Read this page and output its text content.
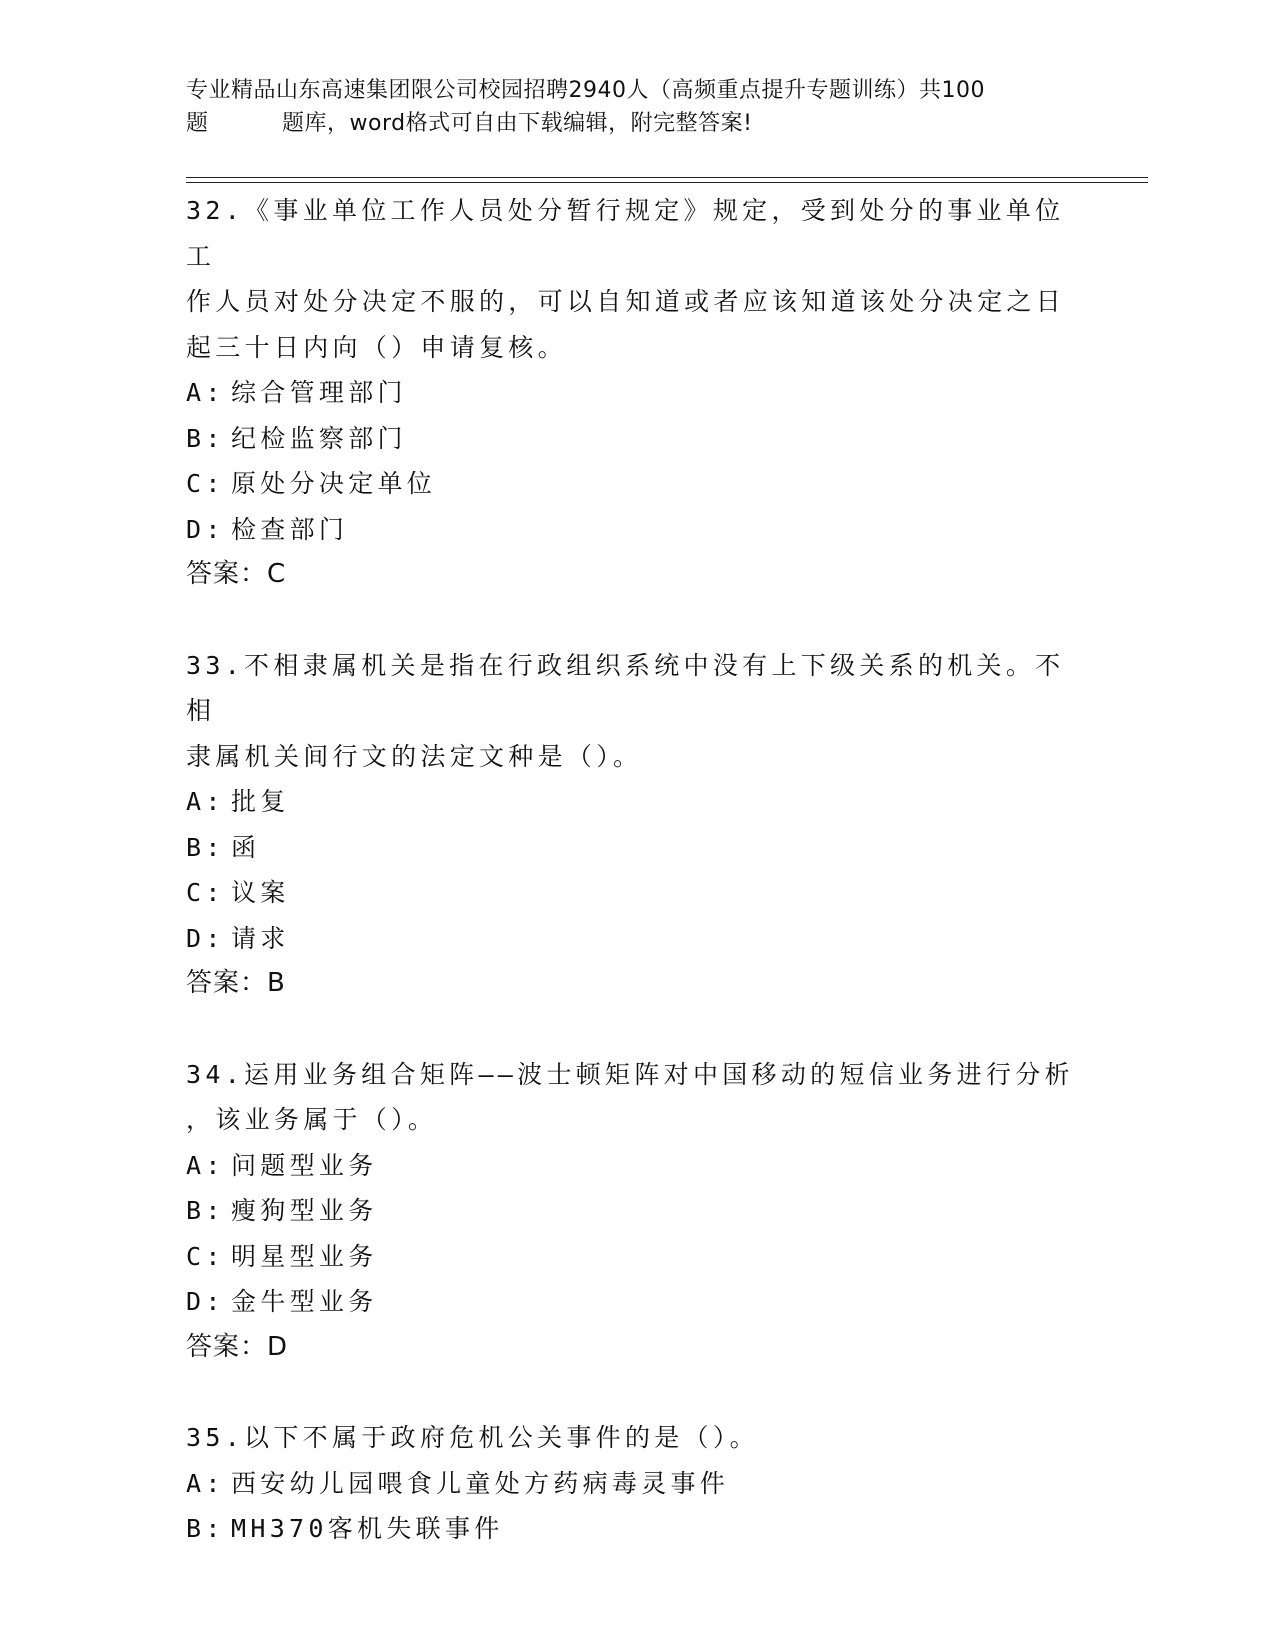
专业精品山东高速集团限公司校园招聘2940人（高频重点提升专题训练）共100
题	题库，word格式可自由下载编辑，附完整答案!
32.《事业单位工作人员处分暂行规定》规定，受到处分的事业单位工
作人员对处分决定不服的，可以自知道或者应该知道该处分决定之日
起三十日内向（）申请复核。
A: 综合管理部门
B: 纪检监察部门
C: 原处分决定单位
D: 检查部门
答案：C
33.不相隶属机关是指在行政组织系统中没有上下级关系的机关。不相
隶属机关间行文的法定文种是（）。
A: 批复
B: 函
C: 议案
D: 请求
答案：B
34.运用业务组合矩阵——波士顿矩阵对中国移动的短信业务进行分析
，该业务属于（）。
A: 问题型业务
B: 瘦狗型业务
C: 明星型业务
D: 金牛型业务
答案：D
35.以下不属于政府危机公关事件的是（）。
A: 西安幼儿园喂食儿童处方药病毒灵事件
B: MH370客机失联事件
